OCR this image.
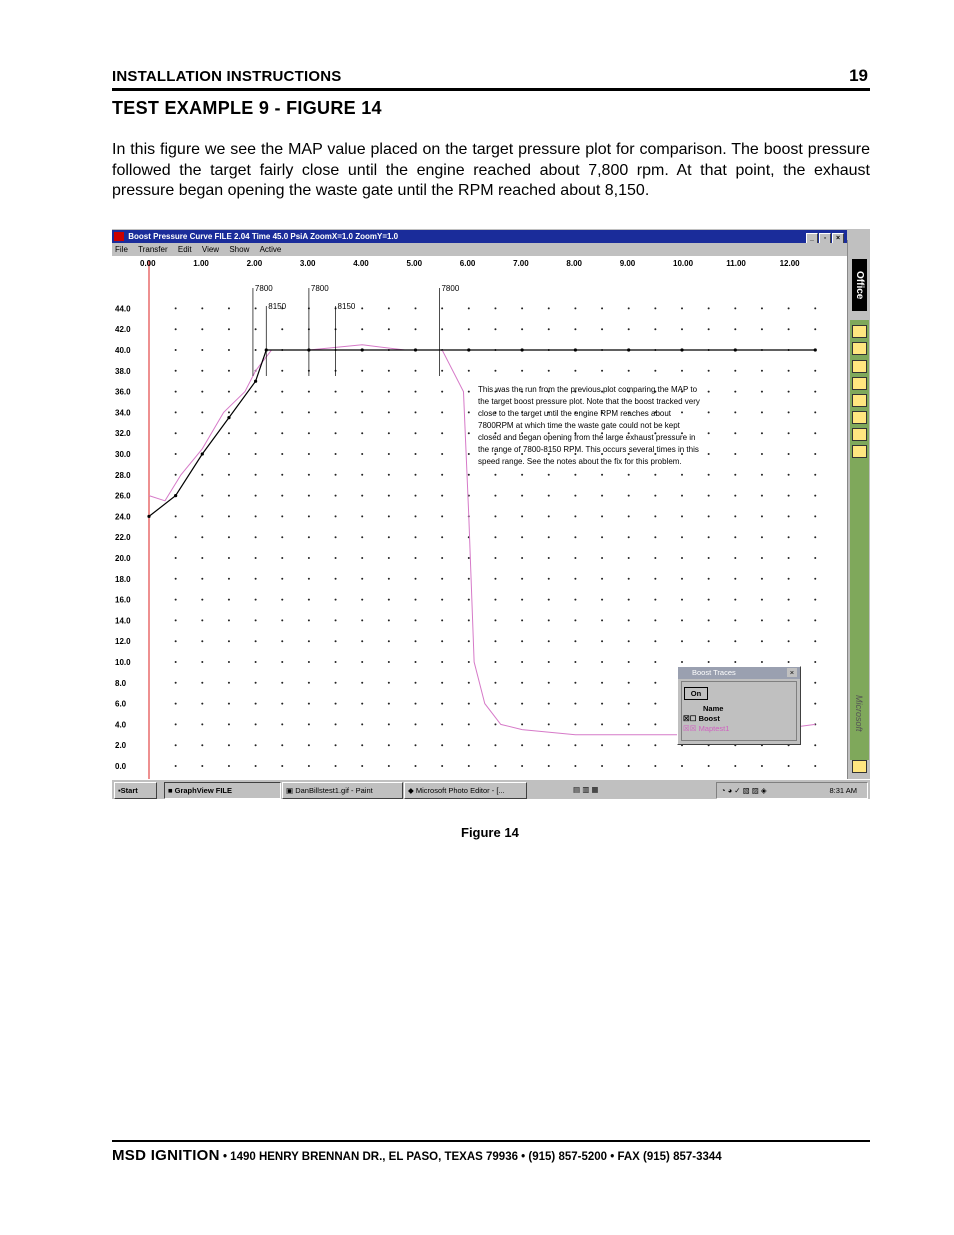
INSTALLATION INSTRUCTIONS	19
TEST EXAMPLE 9 - FIGURE 14
In this figure we see the MAP value placed on the target pressure plot for comparison. The boost pressure followed the target fairly close until the engine reached about 7,800 rpm. At that point, the exhaust pressure began opening the waste gate until the RPM reached about 8,150.
Boost Pressure Curve FILE 2.04 Time 45.0 PsiA ZoomX=1.0 ZoomY=1.0	_ ▫ ×
File Transfer Edit View Show Active
0.0
2.0
4.0
6.0
8.0
10.0
12.0
14.0
16.0
18.0
20.0
22.0
24.0
26.0
28.0
30.0
32.0
34.0
36.0
38.0
40.0
42.0
44.0
0.00	1.00	2.00	3.00	4.00	5.00	6.00	7.00	8.00	9.00	10.00	11.00	12.00
7800
8150
7800
8150
7800
This was the run from the previous plot comparing the MAP to the target boost pressure plot. Note that the boost tracked very close to the target until the engine RPM reaches about 7800RPM at which time the waste gate could not be kept closed and began opening from the large exhaust pressure in the range of 7800-8150 RPM. This occurs several times in this speed range. See the notes about the fix for this problem.
Boost Traces	×
On
Name
☒☐ Boost
☒☒ Maptest1
Office
Microsoft
▪Start	■ GraphView FILE	▣ DanBillstest1.gif - Paint	◆ Microsoft Photo Editor - [...	▤ ▥ ▦	◔ ◕ ✓ ▧ ▨ ◈	8:31 AM
Figure 14
MSD IGNITION • 1490 HENRY BRENNAN DR., EL PASO, TEXAS 79936 • (915) 857-5200 • FAX (915) 857-3344
